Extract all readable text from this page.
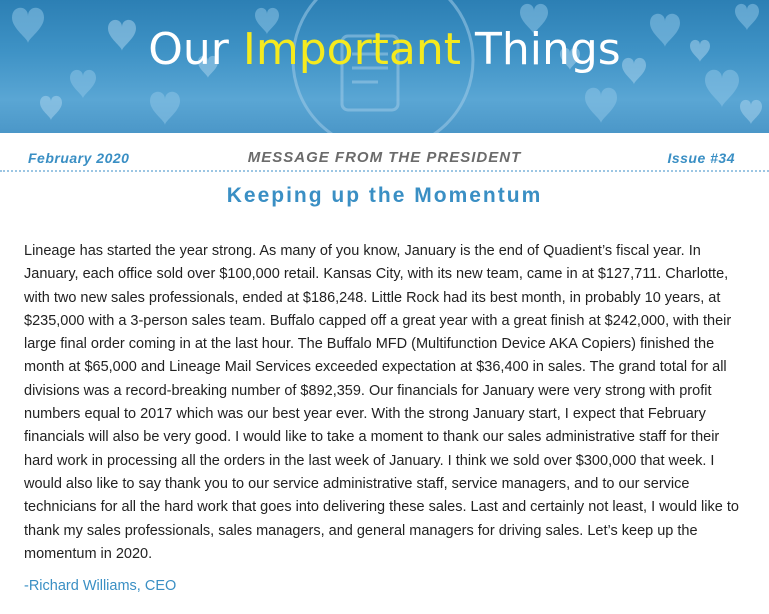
Our Important Things
February 2020	MESSAGE FROM THE PRESIDENT	Issue #34
Keeping up the Momentum

Lineage has started the year strong. As many of you know, January is the end of Quadient’s fiscal year. In January, each office sold over $100,000 retail. Kansas City, with its new team, came in at $127,711. Charlotte, with two new sales professionals, ended at $186,248. Little Rock had its best month, in probably 10 years, at $235,000 with a 3-person sales team. Buffalo capped off a great year with a great finish at $242,000, with their large final order coming in at the last hour. The Buffalo MFD (Multifunction Device AKA Copiers) finished the month at $65,000 and Lineage Mail Services exceeded expectation at $36,400 in sales. The grand total for all divisions was a record-breaking number of $892,359. Our financials for January were very strong with profit numbers equal to 2017 which was our best year ever. With the strong January start, I expect that February financials will also be very good. I would like to take a moment to thank our sales administrative staff for their hard work in processing all the orders in the last week of January. I think we sold over $300,000 that week. I would also like to say thank you to our service administrative staff, service managers, and to our service technicians for all the hard work that goes into delivering these sales. Last and certainly not least, I would like to thank my sales professionals, sales managers, and general managers for driving sales. Let’s keep up the momentum in 2020.

-Richard Williams, CEO
